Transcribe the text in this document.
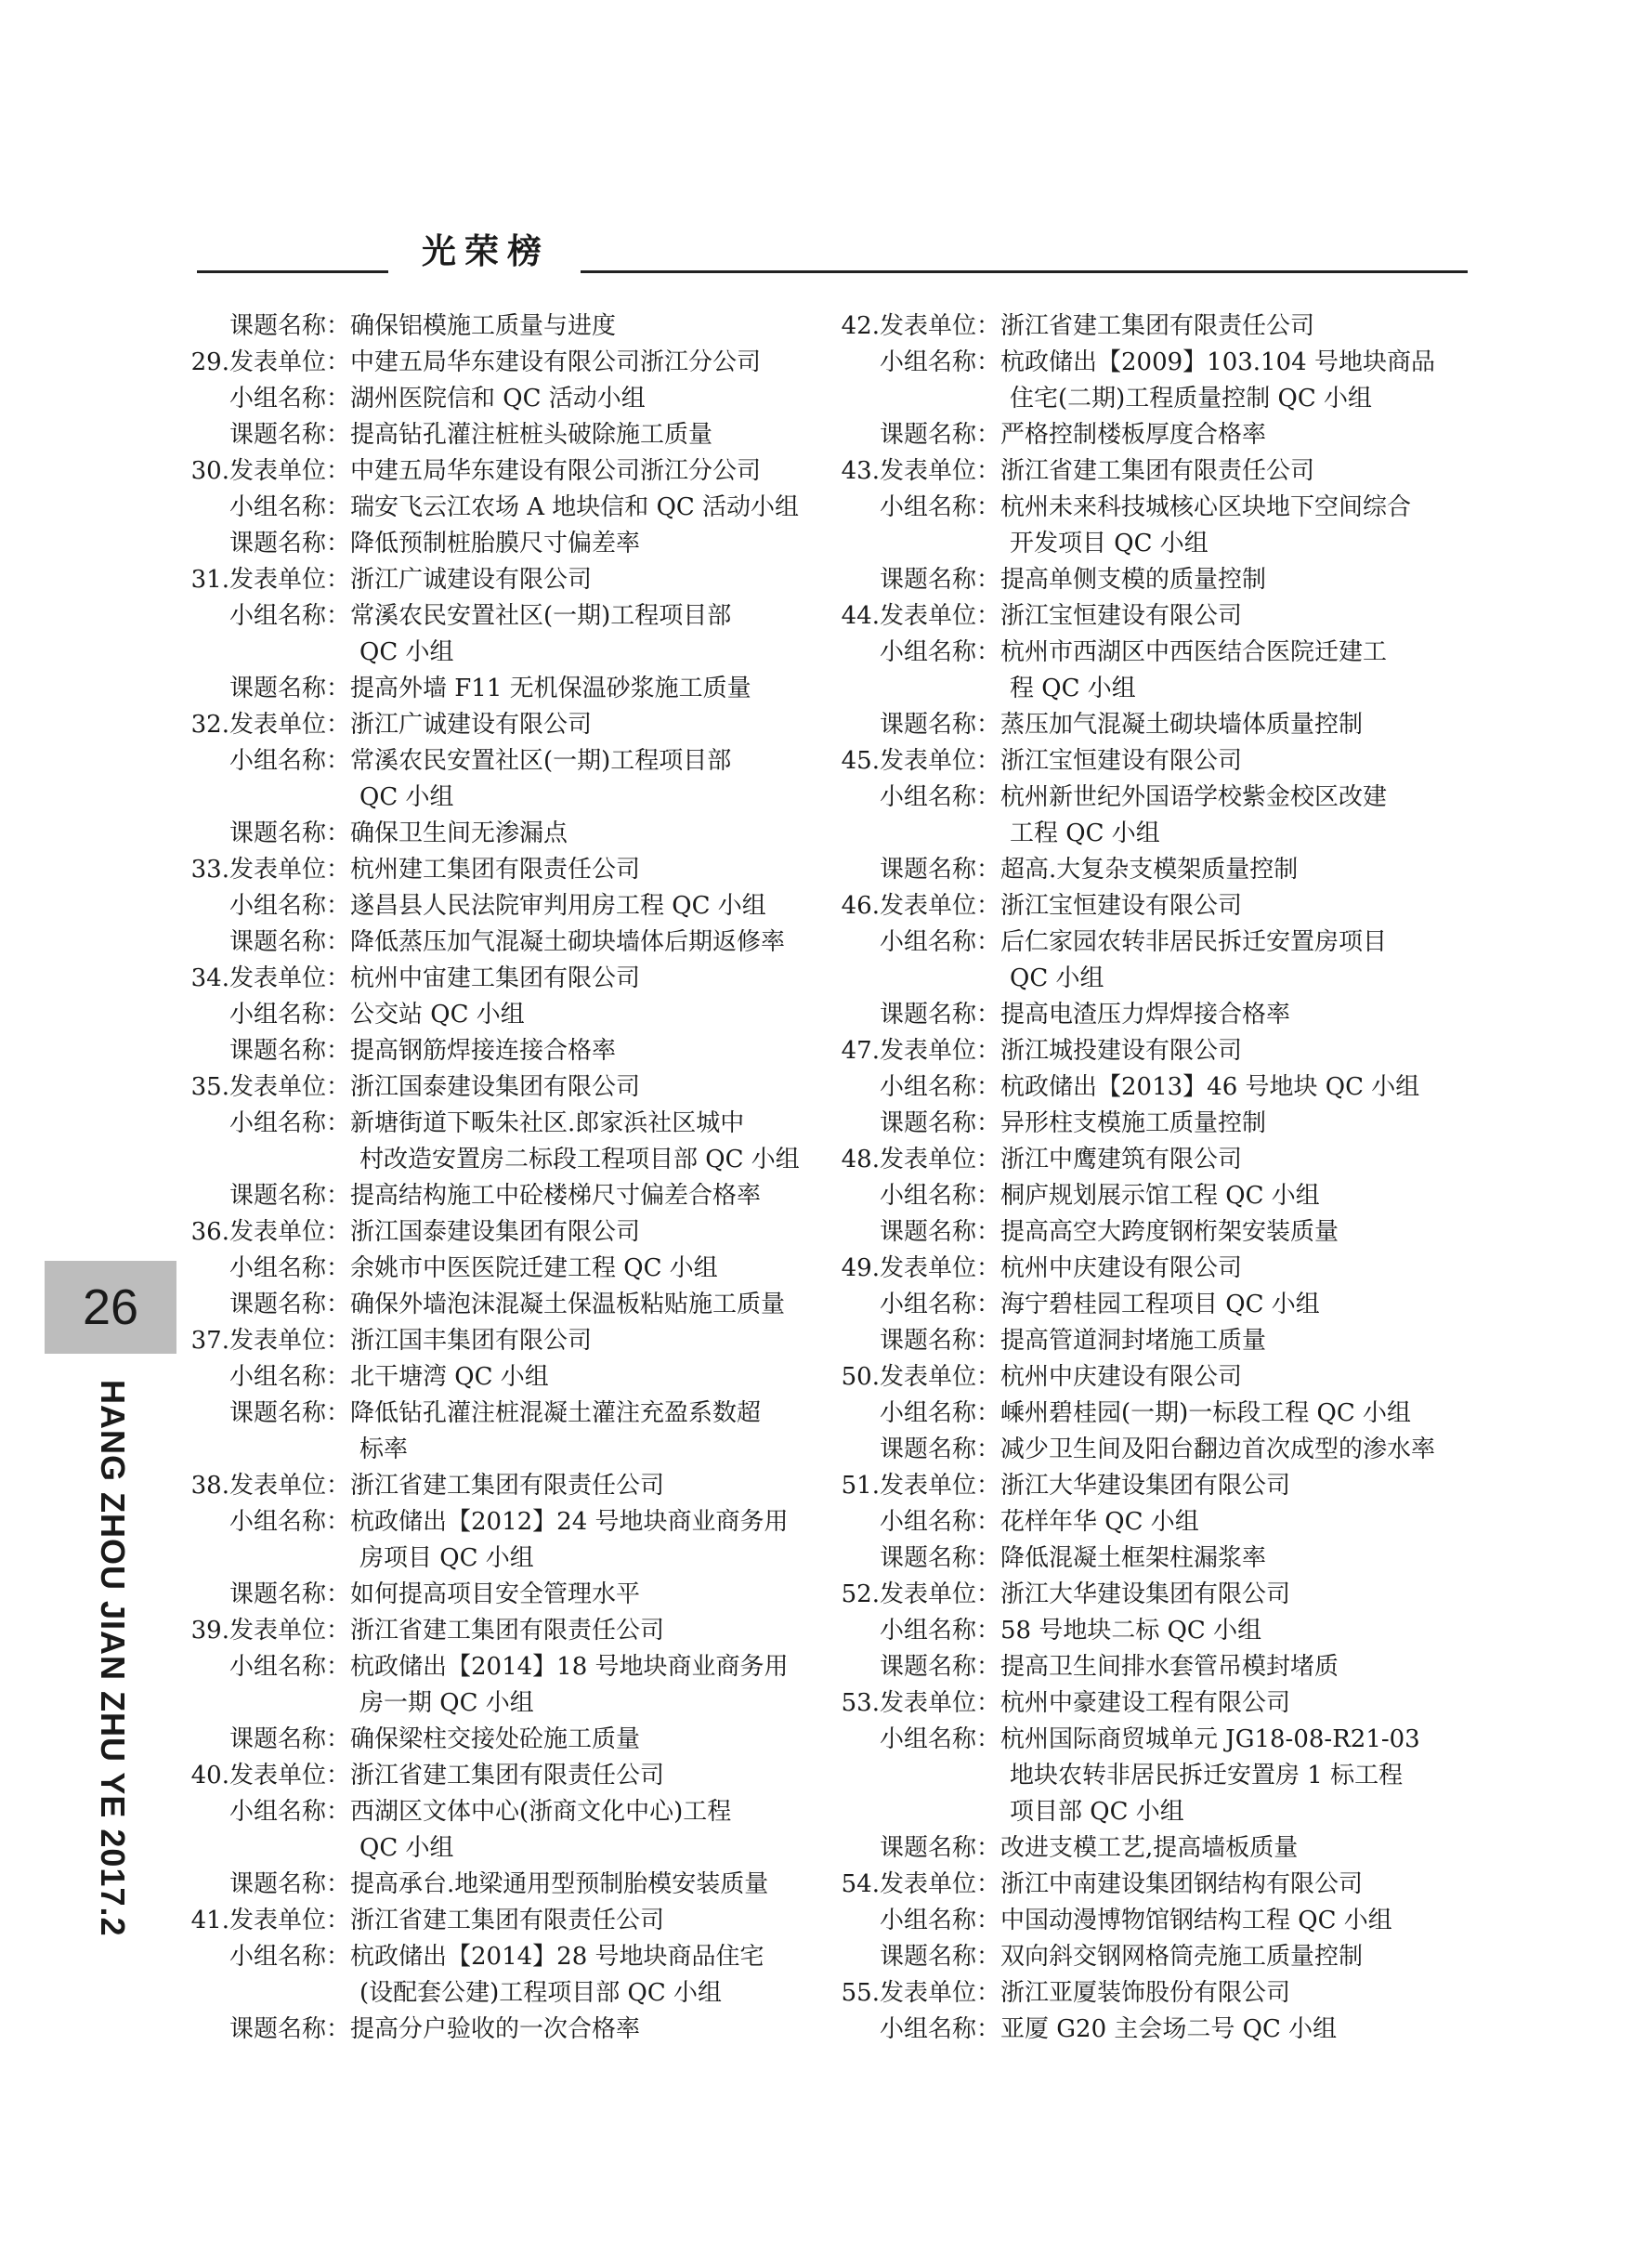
光荣榜
26
HANG ZHOU JIAN ZHU YE 2017.2
课题名称： 确保铝模施工质量与进度
29.发表单位： 中建五局华东建设有限公司浙江分公司
小组名称： 湖州医院信和 QC 活动小组
课题名称： 提高钻孔灌注桩桩头破除施工质量
30.发表单位： 中建五局华东建设有限公司浙江分公司
小组名称： 瑞安飞云江农场 A 地块信和 QC 活动小组
课题名称： 降低预制桩胎膜尺寸偏差率
31.发表单位： 浙江广诚建设有限公司
小组名称： 常溪农民安置社区(一期)工程项目部
QC 小组
课题名称： 提高外墙 F11 无机保温砂浆施工质量
32.发表单位： 浙江广诚建设有限公司
小组名称： 常溪农民安置社区(一期)工程项目部
QC 小组
课题名称： 确保卫生间无渗漏点
33.发表单位： 杭州建工集团有限责任公司
小组名称： 遂昌县人民法院审判用房工程 QC 小组
课题名称： 降低蒸压加气混凝土砌块墙体后期返修率
34.发表单位： 杭州中宙建工集团有限公司
小组名称： 公交站 QC 小组
课题名称： 提高钢筋焊接连接合格率
35.发表单位： 浙江国泰建设集团有限公司
小组名称： 新塘街道下畈朱社区.郎家浜社区城中
村改造安置房二标段工程项目部 QC 小组
课题名称： 提高结构施工中砼楼梯尺寸偏差合格率
36.发表单位： 浙江国泰建设集团有限公司
小组名称： 余姚市中医医院迁建工程 QC 小组
课题名称： 确保外墙泡沫混凝土保温板粘贴施工质量
37.发表单位： 浙江国丰集团有限公司
小组名称： 北干塘湾 QC 小组
课题名称： 降低钻孔灌注桩混凝土灌注充盈系数超
标率
38.发表单位： 浙江省建工集团有限责任公司
小组名称： 杭政储出【2012】24 号地块商业商务用
房项目 QC 小组
课题名称： 如何提高项目安全管理水平
39.发表单位： 浙江省建工集团有限责任公司
小组名称： 杭政储出【2014】18 号地块商业商务用
房一期 QC 小组
课题名称： 确保梁柱交接处砼施工质量
40.发表单位： 浙江省建工集团有限责任公司
小组名称： 西湖区文体中心(浙商文化中心)工程
QC 小组
课题名称： 提高承台.地梁通用型预制胎模安装质量
41.发表单位： 浙江省建工集团有限责任公司
小组名称： 杭政储出【2014】28 号地块商品住宅
(设配套公建)工程项目部 QC 小组
课题名称： 提高分户验收的一次合格率
42.发表单位： 浙江省建工集团有限责任公司
小组名称： 杭政储出【2009】103.104 号地块商品
住宅(二期)工程质量控制 QC 小组
课题名称： 严格控制楼板厚度合格率
43.发表单位： 浙江省建工集团有限责任公司
小组名称： 杭州未来科技城核心区块地下空间综合
开发项目 QC 小组
课题名称： 提高单侧支模的质量控制
44.发表单位： 浙江宝恒建设有限公司
小组名称： 杭州市西湖区中西医结合医院迁建工
程 QC 小组
课题名称： 蒸压加气混凝土砌块墙体质量控制
45.发表单位： 浙江宝恒建设有限公司
小组名称： 杭州新世纪外国语学校紫金校区改建
工程 QC 小组
课题名称： 超高.大复杂支模架质量控制
46.发表单位： 浙江宝恒建设有限公司
小组名称： 后仁家园农转非居民拆迁安置房项目
QC 小组
课题名称： 提高电渣压力焊焊接合格率
47.发表单位： 浙江城投建设有限公司
小组名称： 杭政储出【2013】46 号地块 QC 小组
课题名称： 异形柱支模施工质量控制
48.发表单位： 浙江中鹰建筑有限公司
小组名称： 桐庐规划展示馆工程 QC 小组
课题名称： 提高高空大跨度钢桁架安装质量
49.发表单位： 杭州中庆建设有限公司
小组名称： 海宁碧桂园工程项目 QC 小组
课题名称： 提高管道洞封堵施工质量
50.发表单位： 杭州中庆建设有限公司
小组名称： 嵊州碧桂园(一期)一标段工程 QC 小组
课题名称： 减少卫生间及阳台翻边首次成型的渗水率
51.发表单位： 浙江大华建设集团有限公司
小组名称： 花样年华 QC 小组
课题名称： 降低混凝土框架柱漏浆率
52.发表单位： 浙江大华建设集团有限公司
小组名称： 58 号地块二标 QC 小组
课题名称： 提高卫生间排水套管吊模封堵质
53.发表单位： 杭州中豪建设工程有限公司
小组名称： 杭州国际商贸城单元 JG18-08-R21-03
地块农转非居民拆迁安置房 1 标工程
项目部 QC 小组
课题名称： 改进支模工艺,提高墙板质量
54.发表单位： 浙江中南建设集团钢结构有限公司
小组名称： 中国动漫博物馆钢结构工程 QC 小组
课题名称： 双向斜交钢网格筒壳施工质量控制
55.发表单位： 浙江亚厦装饰股份有限公司
小组名称： 亚厦 G20 主会场二号 QC 小组
